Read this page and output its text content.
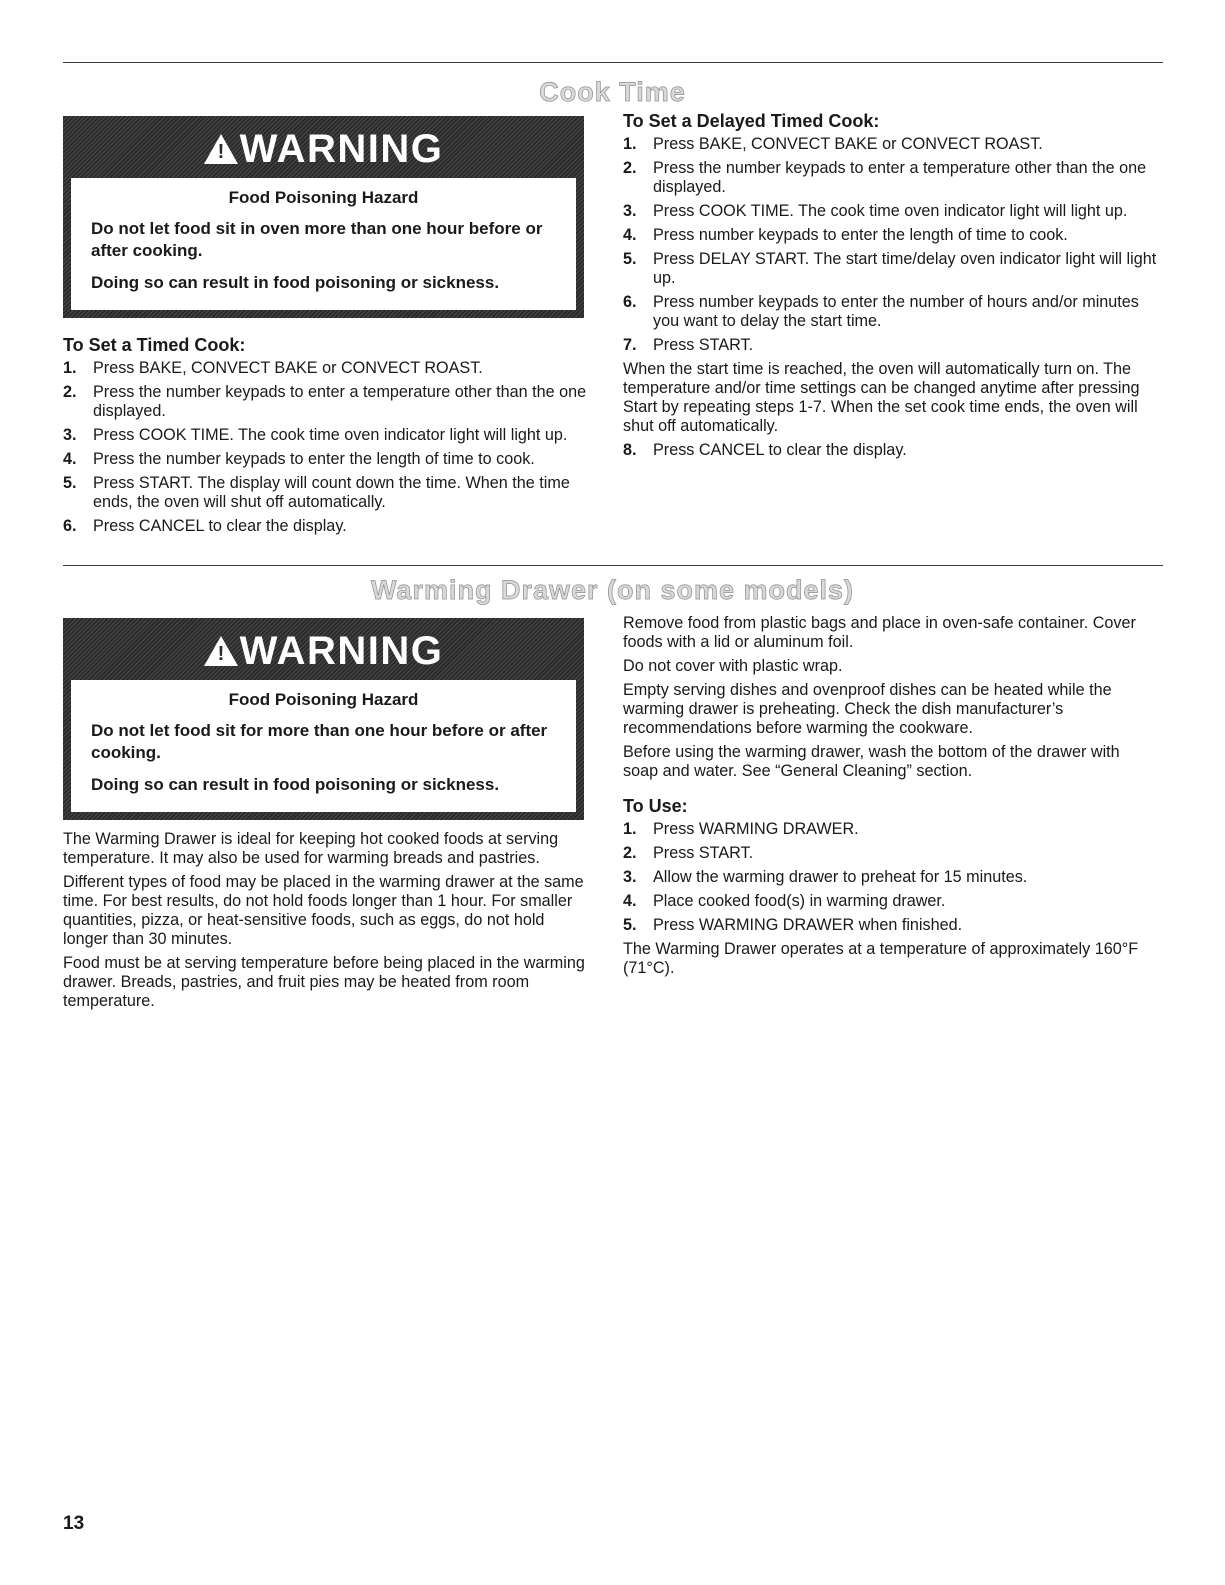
Cook Time
! WARNING
Food Poisoning Hazard

Do not let food sit in oven more than one hour before or after cooking.

Doing so can result in food poisoning or sickness.

To Set a Timed Cook:
1. Press BAKE, CONVECT BAKE or CONVECT ROAST.
2. Press the number keypads to enter a temperature other than the one displayed.
3. Press COOK TIME. The cook time oven indicator light will light up.
4. Press the number keypads to enter the length of time to cook.
5. Press START. The display will count down the time. When the time ends, the oven will shut off automatically.
6. Press CANCEL to clear the display.
To Set a Delayed Timed Cook:
1. Press BAKE, CONVECT BAKE or CONVECT ROAST.
2. Press the number keypads to enter a temperature other than the one displayed.
3. Press COOK TIME. The cook time oven indicator light will light up.
4. Press number keypads to enter the length of time to cook.
5. Press DELAY START. The start time/delay oven indicator light will light up.
6. Press number keypads to enter the number of hours and/or minutes you want to delay the start time.
7. Press START.

When the start time is reached, the oven will automatically turn on. The temperature and/or time settings can be changed anytime after pressing Start by repeating steps 1-7. When the set cook time ends, the oven will shut off automatically.

8. Press CANCEL to clear the display.
Warming Drawer (on some models)
! WARNING
Food Poisoning Hazard

Do not let food sit for more than one hour before or after cooking.

Doing so can result in food poisoning or sickness.

The Warming Drawer is ideal for keeping hot cooked foods at serving temperature. It may also be used for warming breads and pastries.

Different types of food may be placed in the warming drawer at the same time. For best results, do not hold foods longer than 1 hour. For smaller quantities, pizza, or heat-sensitive foods, such as eggs, do not hold longer than 30 minutes.

Food must be at serving temperature before being placed in the warming drawer. Breads, pastries, and fruit pies may be heated from room temperature.

Remove food from plastic bags and place in oven-safe container. Cover foods with a lid or aluminum foil.

Do not cover with plastic wrap.

Empty serving dishes and ovenproof dishes can be heated while the warming drawer is preheating. Check the dish manufacturer’s recommendations before warming the cookware.

Before using the warming drawer, wash the bottom of the drawer with soap and water. See “General Cleaning” section.

To Use:
1. Press WARMING DRAWER.
2. Press START.
3. Allow the warming drawer to preheat for 15 minutes.
4. Place cooked food(s) in warming drawer.
5. Press WARMING DRAWER when finished.

The Warming Drawer operates at a temperature of approximately 160°F (71°C).

13
